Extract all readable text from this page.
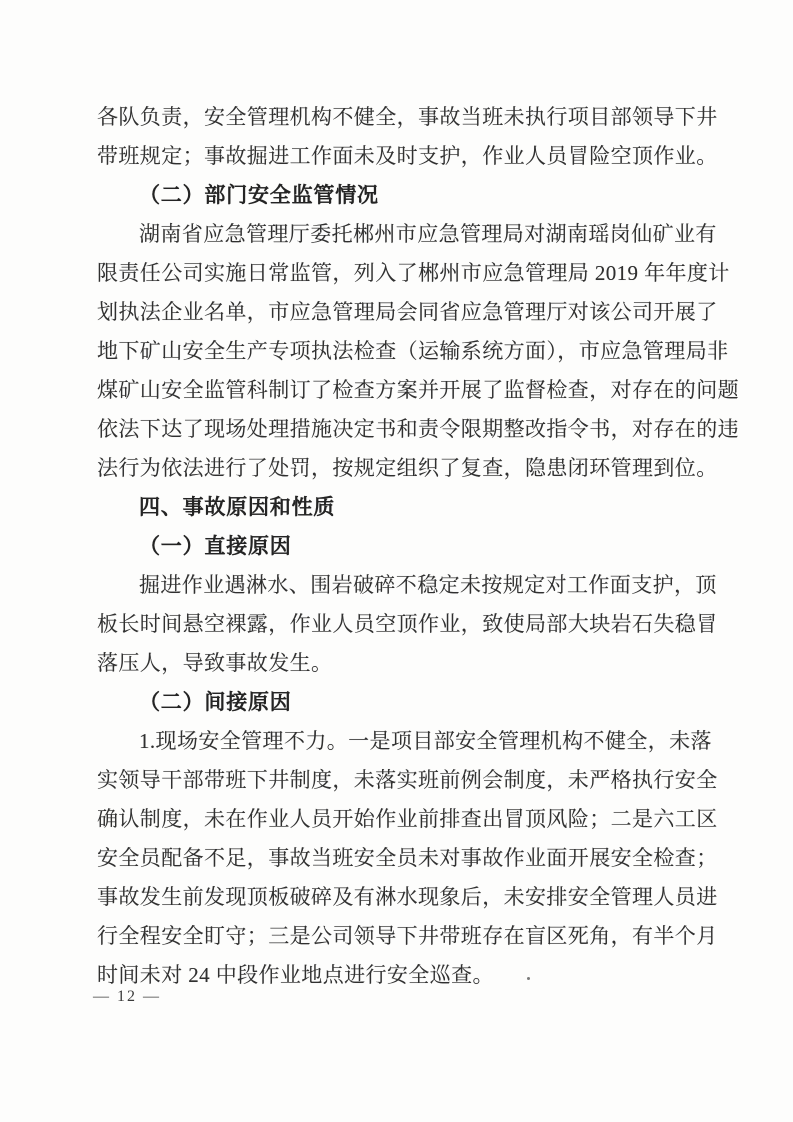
各队负责，安全管理机构不健全，事故当班未执行项目部领导下井
带班规定；事故掘进工作面未及时支护，作业人员冒险空顶作业。
（二）部门安全监管情况
湖南省应急管理厅委托郴州市应急管理局对湖南瑶岗仙矿业有
限责任公司实施日常监管，列入了郴州市应急管理局 2019 年年度计
划执法企业名单，市应急管理局会同省应急管理厅对该公司开展了
地下矿山安全生产专项执法检查（运输系统方面），市应急管理局非
煤矿山安全监管科制订了检查方案并开展了监督检查，对存在的问题
依法下达了现场处理措施决定书和责令限期整改指令书，对存在的违
法行为依法进行了处罚，按规定组织了复查，隐患闭环管理到位。
四、事故原因和性质
（一）直接原因
掘进作业遇淋水、围岩破碎不稳定未按规定对工作面支护，顶
板长时间悬空裸露，作业人员空顶作业，致使局部大块岩石失稳冒
落压人，导致事故发生。
（二）间接原因
1.现场安全管理不力。一是项目部安全管理机构不健全，未落
实领导干部带班下井制度，未落实班前例会制度，未严格执行安全
确认制度，未在作业人员开始作业前排查出冒顶风险；二是六工区
安全员配备不足，事故当班安全员未对事故作业面开展安全检查；
事故发生前发现顶板破碎及有淋水现象后，未安排安全管理人员进
行全程安全盯守；三是公司领导下井带班存在盲区死角，有半个月
时间未对 24 中段作业地点进行安全巡查。
— 12 —
